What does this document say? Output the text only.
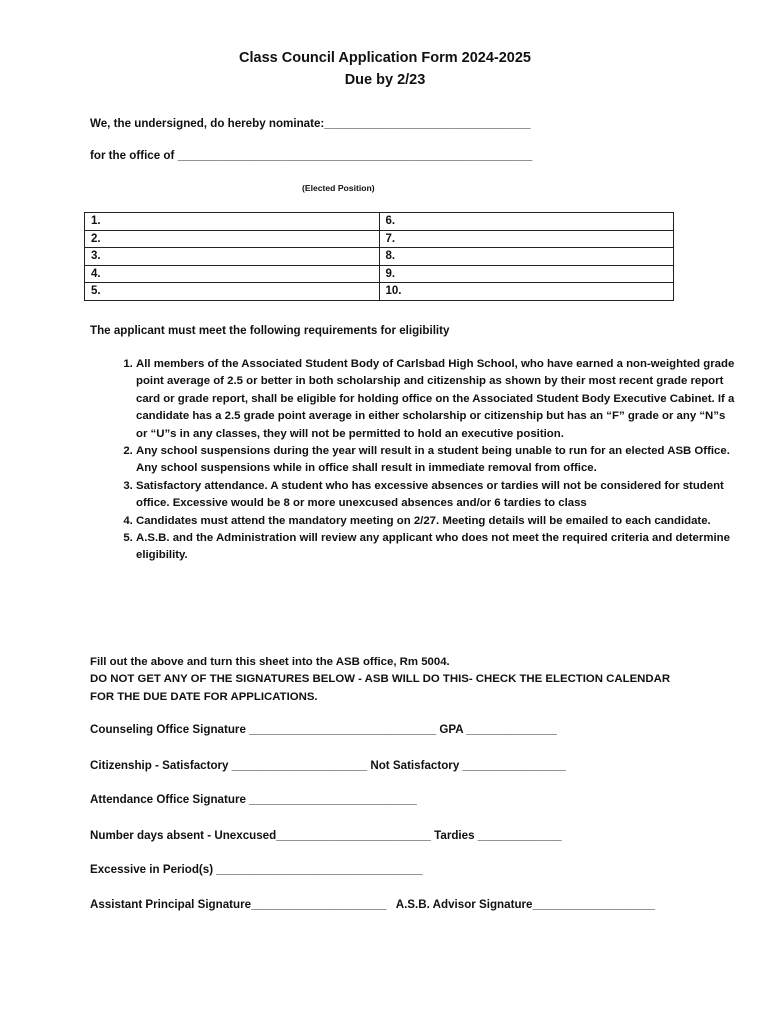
Class Council Application Form 2024-2025
Due by 2/23
We, the undersigned, do hereby nominate:________________________________
for the office of _______________________________________________________
(Elected Position)
1.	6.
2.	7.
3.	8.
4.	9.
5.	10.
The applicant must meet the following requirements for eligibility
1. All members of the Associated Student Body of Carlsbad High School, who have earned a non-weighted grade point average of 2.5 or better in both scholarship and citizenship as shown by their most recent grade report card or grade report, shall be eligible for holding office on the Associated Student Body Executive Cabinet. If a candidate has a 2.5 grade point average in either scholarship or citizenship but has an “F” grade or any “N”s or “U”s in any classes, they will not be permitted to hold an executive position.
2. Any school suspensions during the year will result in a student being unable to run for an elected ASB Office. Any school suspensions while in office shall result in immediate removal from office.
3. Satisfactory attendance. A student who has excessive absences or tardies will not be considered for student office. Excessive would be 8 or more unexcused absences and/or 6 tardies to class
4. Candidates must attend the mandatory meeting on 2/27. Meeting details will be emailed to each candidate.
5. A.S.B. and the Administration will review any applicant who does not meet the required criteria and determine eligibility.
Fill out the above and turn this sheet into the ASB office, Rm 5004.
DO NOT GET ANY OF THE SIGNATURES BELOW - ASB WILL DO THIS- CHECK THE ELECTION CALENDAR FOR THE DUE DATE FOR APPLICATIONS.
Counseling Office Signature _____________________________ GPA ______________
Citizenship - Satisfactory _____________________ Not Satisfactory ________________
Attendance Office Signature __________________________
Number days absent - Unexcused________________________ Tardies _____________
Excessive in Period(s) ________________________________
Assistant Principal Signature_____________________   A.S.B. Advisor Signature___________________
